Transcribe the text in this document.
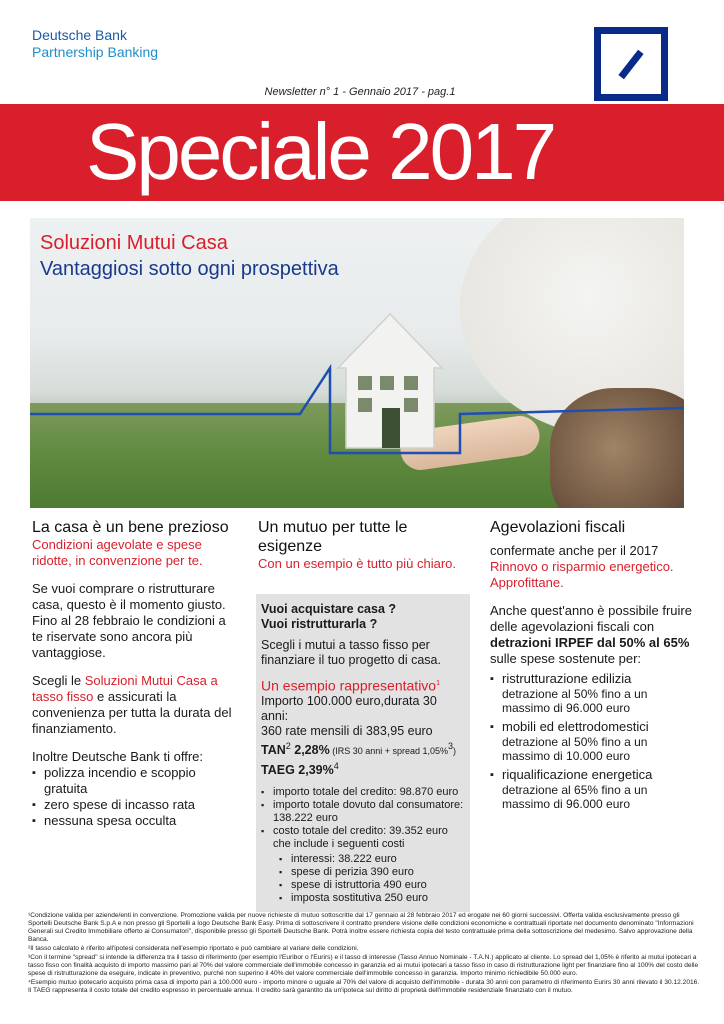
Deutsche Bank
Partnership Banking
Newsletter n° 1 - Gennaio 2017 - pag.1
Speciale 2017
Soluzioni Mutui Casa
Vantaggiosi sotto ogni prospettiva
La casa è un bene prezioso

Condizioni agevolate e spese ridotte, in convenzione per te.

Se vuoi comprare o ristrutturare casa, questo è il momento giusto.

Fino al 28 febbraio le condizioni a te riservate sono ancora più vantaggiose.

Scegli le Soluzioni Mutui Casa a tasso fisso e assicurati la convenienza per tutta la durata del finanziamento.

Inoltre Deutsche Bank ti offre:

▪ polizza incendio e scoppio gratuita
▪ zero spese di incasso rata
▪ nessuna spesa occulta
Un mutuo per tutte le esigenze

Con un esempio è tutto più chiaro.

Vuoi acquistare casa ?

Vuoi ristrutturarla ?

Scegli i mutui a tasso fisso per finanziare il tuo progetto di casa.

Un esempio rappresentativo$^1$

Importo 100.000 euro,durata 30 anni:

360 rate mensili di 383,95 euro

TAN$^2$ 2,28% (IRS 30 anni + spread 1,05%$^3$)

TAEG 2,39%$^4$

▪ importo totale del credito: 98.870 euro
▪ importo totale dovuto dal consumatore: 138.222 euro
▪ costo totale del credito: 39.352 euro che include i seguenti costi
▪ interessi: 38.222 euro
▪ spese di perizia 390 euro
▪ spese di istruttoria 490 euro
▪ imposta sostitutiva 250 euro
Agevolazioni fiscali

confermate anche per il 2017

Rinnovo o risparmio energetico. Approfittane.

Anche quest'anno è possibile fruire delle agevolazioni fiscali con detrazioni IRPEF dal 50% al 65% sulle spese sostenute per:

▪ ristrutturazione edilizia

detrazione al 50% fino a un massimo di 96.000 euro

▪ mobili ed elettrodomestici

detrazione al 50% fino a un massimo di 10.000 euro

▪ riqualificazione energetica

detrazione al 65% fino a un massimo di 96.000 euro

¹Condizione valida per aziende/enti in convenzione. Promozione valida per nuove richieste di mutuo sottoscritte dal 17 gennaio al 28 febbraio 2017 ed erogate nei 60 giorni successivi. Offerta valida esclusivamente presso gli Sportelli Deutsche Bank S.p.A e non presso gli Sportelli a logo Deutsche Bank Easy. Prima di sottoscrivere il contratto prendere visione delle condizioni economiche e contrattuali riportate nel documento denominato "Informazioni Generali sul Credito Immobiliare offerto ai Consumatori", disponibile presso gli Sportelli Deutsche Bank. Potrà inoltre essere richiesta copia del testo contrattuale prima della sottoscrizione del medesimo. Salvo approvazione della Banca.

²Il tasso calcolato è riferito all'ipotesi considerata nell'esempio riportato e può cambiare al variare delle condizioni.

³Con il termine "spread" si intende la differenza tra il tasso di riferimento (per esempio l'Euribor o l'Eurirs) e il tasso di interesse (Tasso Annuo Nominale - T.A.N.) applicato al cliente. Lo spread del 1,05% è riferito ai mutui ipotecari a tasso fisso con finalità acquisto di importo massimo pari al 70% del valore commerciale dell'immobile concesso in garanzia ed ai mutui ipotecari a tasso fisso in caso di ristrutturazione light per finanziare fino al 100% del costo delle spese di ristrutturazione da eseguire, indicate in preventivo, purché non superino il 40% del valore commerciale dell'immobile concesso in garanzia. Importo minimo richiedibile 50.000 euro.

⁴Esempio mutuo ipotecario acquisto prima casa di importo pari a 100.000 euro - importo minore o uguale al 70% del valore di acquisto dell'immobile - durata 30 anni con parametro di riferimento Eurirs 30 anni rilevato il 30.12.2016. Il TAEG rappresenta il costo totale del credito espresso in percentuale annua. Il credito sarà garantito da un'ipoteca sul diritto di proprietà dell'immobile residenziale finanziato con il mutuo.
